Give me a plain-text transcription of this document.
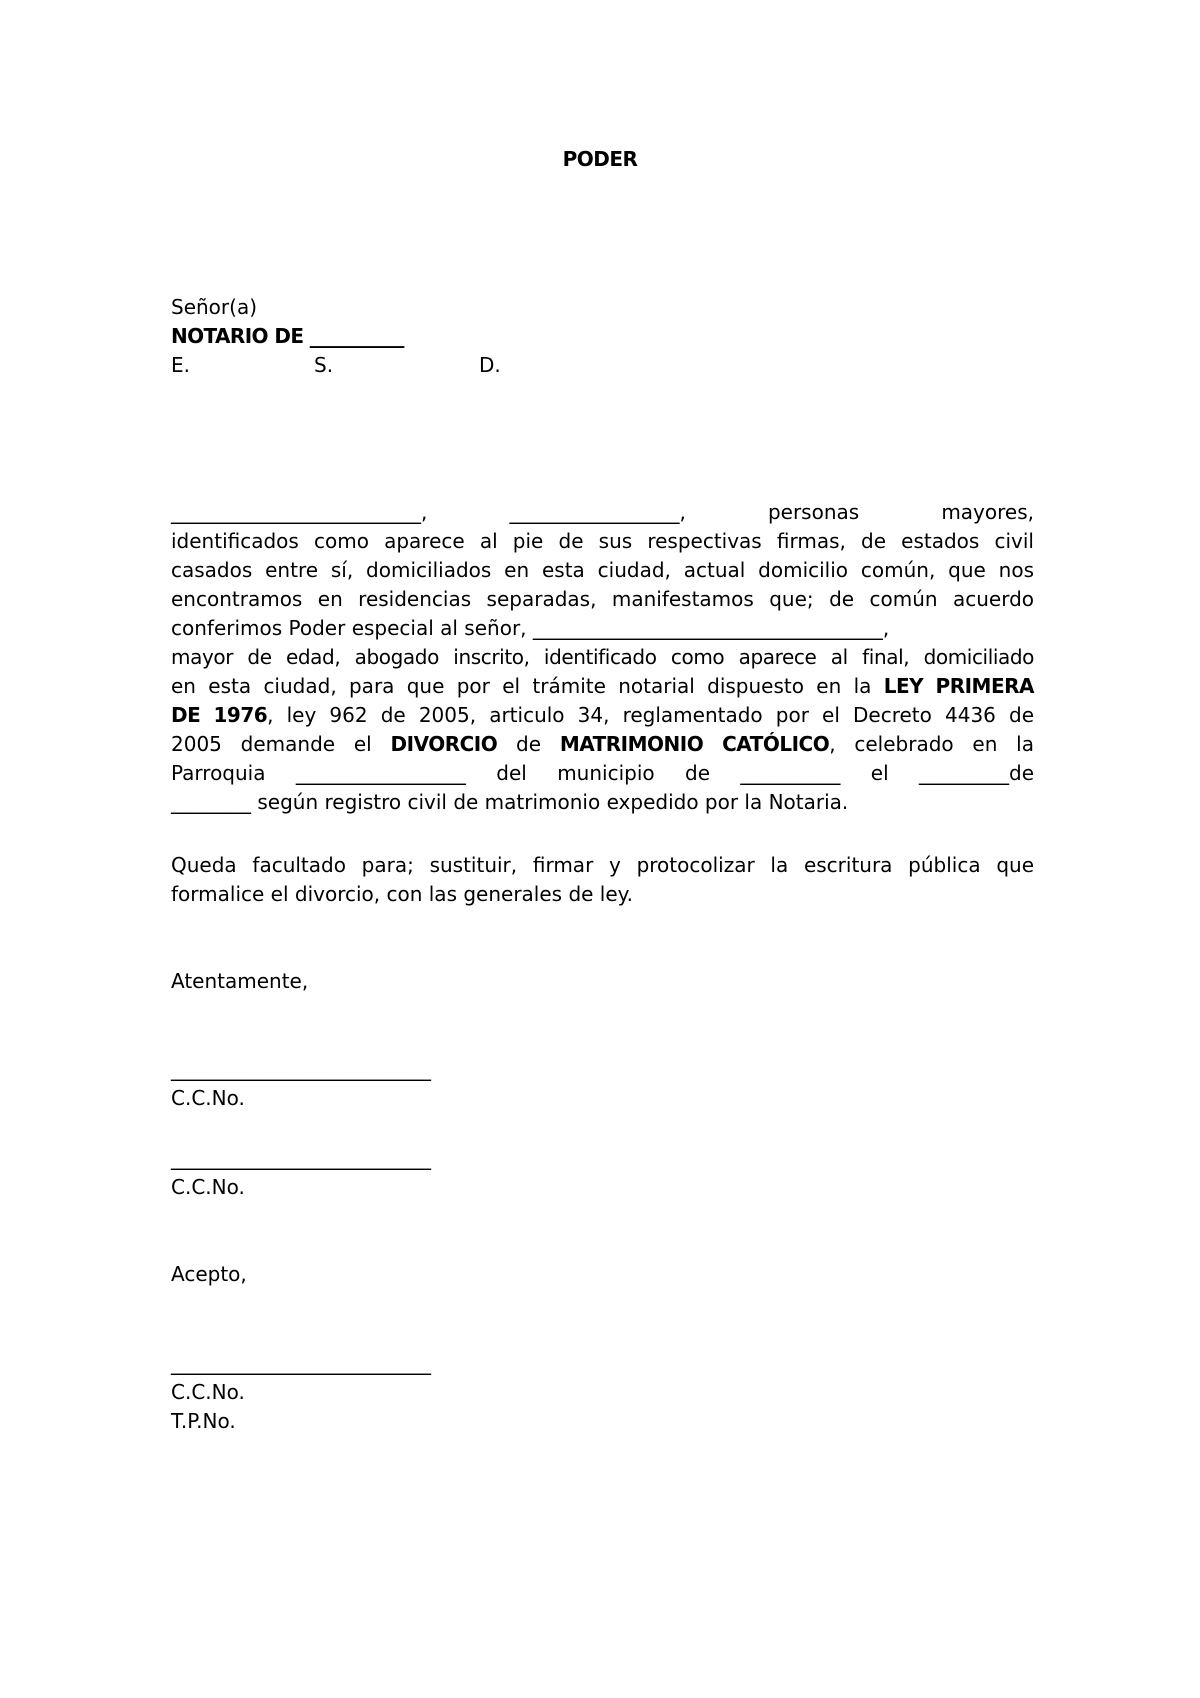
PODER
Señor(a)
NOTARIO DE __________
E.	S.	D.
_________________________, _________________, personas mayores,
identificados como aparece al pie de sus respectivas firmas, de estados civil
casados entre sí, domiciliados en esta ciudad, actual domicilio común, que nos
encontramos en residencias separadas, manifestamos que; de común acuerdo
conferimos Poder especial al señor, ___________________________________,
mayor de edad, abogado inscrito, identificado como aparece al final, domiciliado
en esta ciudad, para que por el trámite notarial dispuesto en la LEY PRIMERA
DE 1976, ley 962 de 2005, articulo 34, reglamentado por el Decreto 4436 de
2005 demande el DIVORCIO de MATRIMONIO CATÓLICO, celebrado en la
Parroquia _________________ del municipio de __________ el _________de
________ según registro civil de matrimonio expedido por la Notaria.
Queda facultado para; sustituir, firmar y protocolizar la escritura pública que
formalice el divorcio, con las generales de ley.
Atentamente,
__________________________
C.C.No.
__________________________
C.C.No.
Acepto,
__________________________
C.C.No.
T.P.No.
